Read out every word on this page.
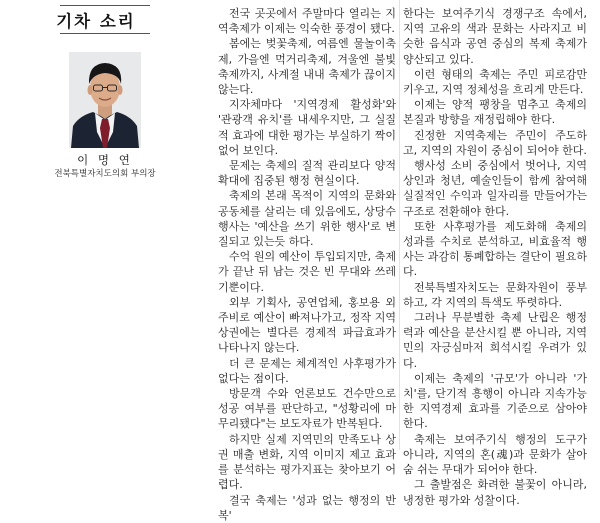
기차 소리
이 명 연
전북특별자치도의회 부의장

전국 곳곳에서 주말마다 열리는 지역축제가 이제는 익숙한 풍경이 됐다.

봄에는 벚꽃축제, 여름엔 물놀이축제, 가을엔 먹거리축제, 겨울엔 불빛축제까지, 사계절 내내 축제가 끊이지 않는다.

지자체마다 '지역경제 활성화'와 '관광객 유치'를 내세우지만, 그 실질적 효과에 대한 평가는 부실하기 짝이 없어 보인다.

문제는 축제의 질적 관리보다 양적 확대에 집중된 행정 현실이다.

축제의 본래 목적이 지역의 문화와 공동체를 살리는 데 있음에도, 상당수 행사는 '예산을 쓰기 위한 행사'로 변질되고 있는듯 하다.

수억 원의 예산이 투입되지만, 축제가 끝난 뒤 남는 것은 빈 무대와 쓰레기뿐이다.

외부 기획사, 공연업체, 홍보용 외주비로 예산이 빠져나가고, 정작 지역 상권에는 별다른 경제적 파급효과가 나타나지 않는다.

더 큰 문제는 체계적인 사후평가가 없다는 점이다.

방문객 수와 언론보도 건수만으로 성공 여부를 판단하고, "성황리에 마무리됐다"는 보도자료가 반복된다.

하지만 실제 지역민의 만족도나 상권 매출 변화, 지역 이미지 제고 효과를 분석하는 평가지표는 찾아보기 어렵다.

결국 축제는 '성과 없는 행정의 반복'

한다는 보여주기식 경쟁구조 속에서, 지역 고유의 색과 문화는 사라지고 비슷한 음식과 공연 중심의 복제 축제가 양산되고 있다.

이런 형태의 축제는 주민 피로감만 키우고, 지역 정체성을 흐리게 만든다.

이제는 양적 팽창을 멈추고 축제의 본질과 방향을 재정립해야 한다.

진정한 지역축제는 주민이 주도하고, 지역의 자원이 중심이 되어야 한다.

행사성 소비 중심에서 벗어나, 지역 상인과 청년, 예술인들이 함께 참여해 실질적인 수익과 일자리를 만들어가는 구조로 전환해야 한다.

또한 사후평가를 제도화해 축제의 성과를 수치로 분석하고, 비효율적 행사는 과감히 통폐합하는 결단이 필요하다.

전북특별자치도는 문화자원이 풍부하고, 각 지역의 특색도 뚜렷하다.

그러나 무분별한 축제 난립은 행정력과 예산을 분산시킬 뿐 아니라, 지역민의 자긍심마저 희석시킬 우려가 있다.

이제는 축제의 '규모'가 아니라 '가치'를, 단기적 흥행이 아니라 지속가능한 지역경제 효과를 기준으로 삼아야 한다.

축제는 보여주기식 행정의 도구가 아니라, 지역의 혼(魂)과 문화가 살아 숨 쉬는 무대가 되어야 한다.

그 출발점은 화려한 불꽃이 아니라, 냉정한 평가와 성찰이다.
